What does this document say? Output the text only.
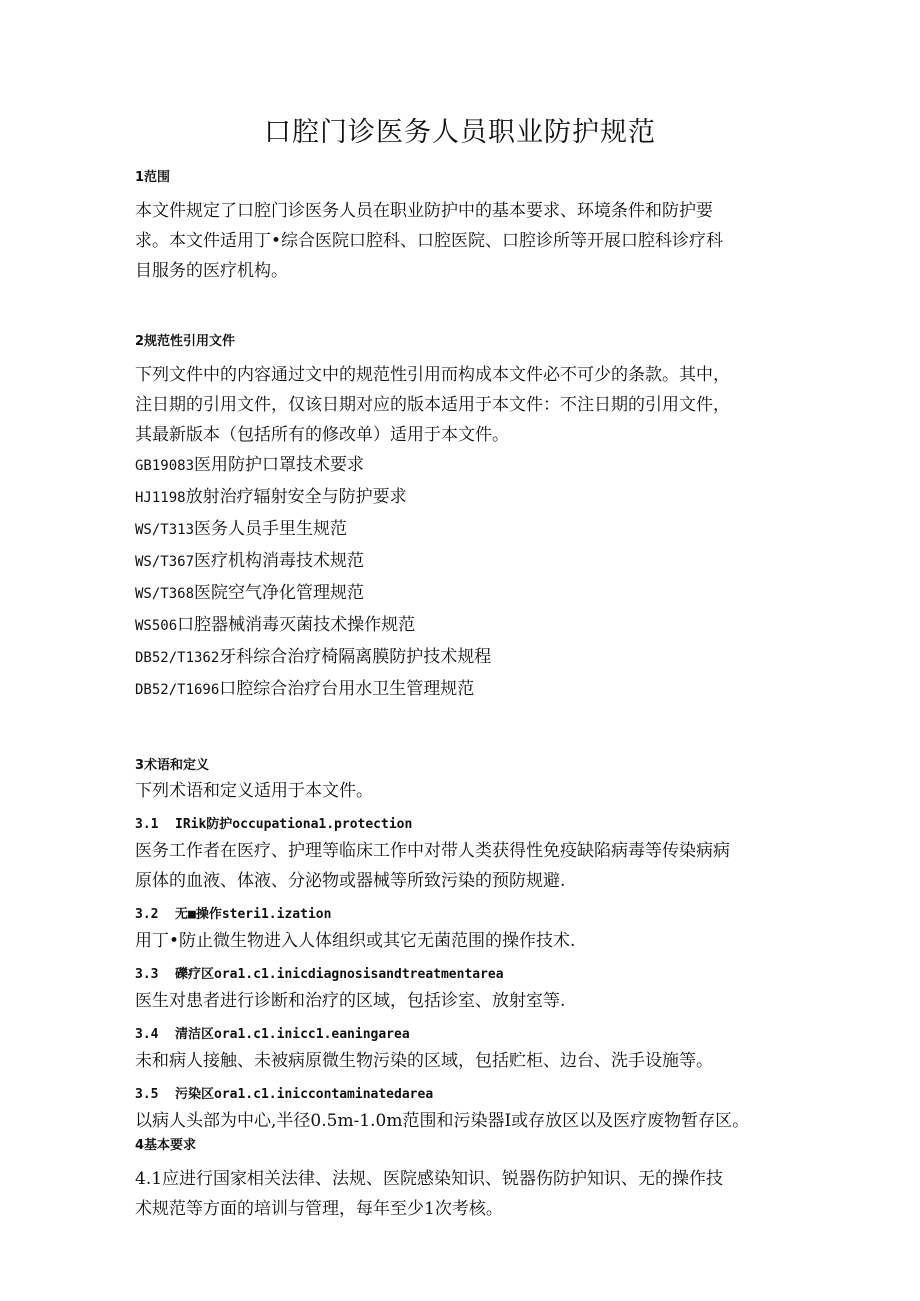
口腔门诊医务人员职业防护规范

1范围

本文件规定了口腔门诊医务人员在职业防护中的基本要求、环境条件和防护要

求。本文件适用丁•综合医院口腔科、口腔医院、口腔诊所等开展口腔科诊疗科

目服务的医疗机构。

2规范性引用文件

下列文件中的内容通过文中的规范性引用而构成本文件必不可少的条款。其中，

注日期的引用文件，仅该日期对应的版本适用于本文件：不注日期的引用文件，

其最新版本（包括所有的修改单）适用于本文件。

GB19083医用防护口罩技术要求

HJ1198放射治疗辐射安全与防护要求

WS/T313医务人员手里生规范

WS/T367医疗机构消毒技术规范

WS/T368医院空气净化管理规范

WS506口腔器械消毒灭菌技术操作规范

DB52/T1362牙科综合治疗椅隔离膜防护技术规程

DB52/T1696口腔综合治疗台用水卫生管理规范

3术语和定义

下列术语和定义适用于本文件。

3.1 IRik防护occupationa1.protection

医务工作者在医疗、护理等临床工作中对带人类获得性免疫缺陷病毒等传染病病

原体的血液、体液、分泌物或器械等所致污染的预防规避.

3.2 无■操作steri1.ization

用丁•防止微生物进入人体组织或其它无菌范围的操作技术.

3.3 礫疗区ora1.c1.inicdiagnosisandtreatmentarea

医生对患者进行诊断和治疗的区域，包括诊室、放射室等.

3.4 清洁区ora1.c1.inicc1.eaningarea

未和病人接触、未被病原微生物污染的区域，包括贮柜、边台、洗手设施等。

3.5 污染区ora1.c1.iniccontaminatedarea

以病人头部为中心,半径0.5m-1.0m范围和污染器I或存放区以及医疗废物暂存区。

4基本要求

4.1应进行国家相关法律、法规、医院感染知识、锐器伤防护知识、无的操作技

术规范等方面的培训与管理，每年至少1次考核。
